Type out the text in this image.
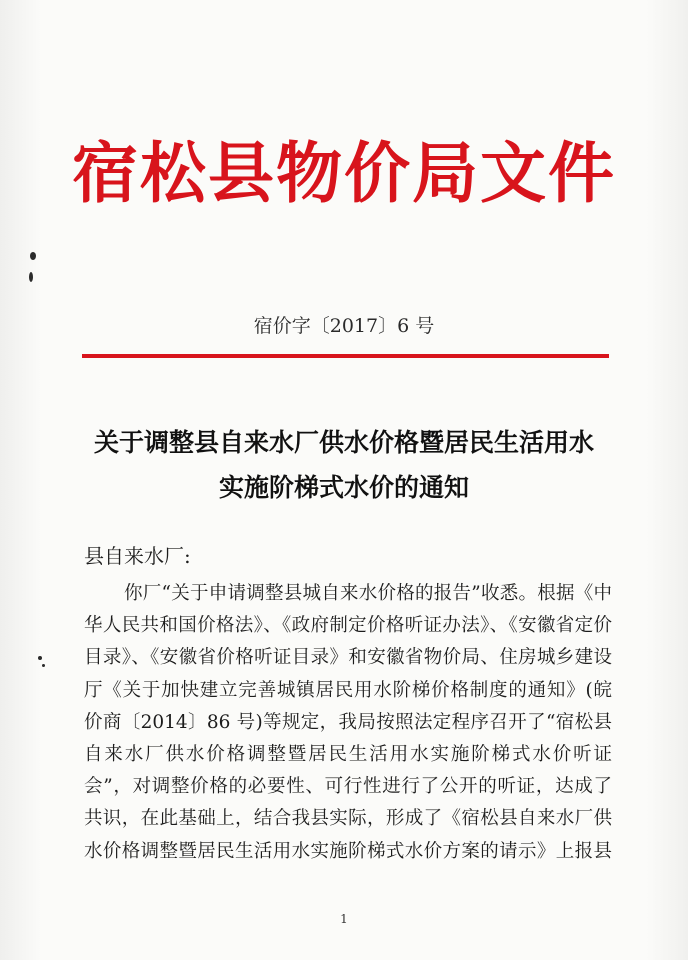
宿松县物价局文件
宿价字〔2017〕6 号
关于调整县自来水厂供水价格暨居民生活用水
实施阶梯式水价的通知
县自来水厂:
你厂“关于申请调整县城自来水价格的报告”收悉。根据《中
华人民共和国价格法》、《政府制定价格听证办法》、《安徽省定价
目录》、《安徽省价格听证目录》和安徽省物价局、住房城乡建设
厅《关于加快建立完善城镇居民用水阶梯价格制度的通知》(皖
价商〔2014〕86 号)等规定，我局按照法定程序召开了“宿松县
自来水厂供水价格调整暨居民生活用水实施阶梯式水价听证
会”，对调整价格的必要性、可行性进行了公开的听证，达成了
共识，在此基础上，结合我县实际，形成了《宿松县自来水厂供
水价格调整暨居民生活用水实施阶梯式水价方案的请示》上报县
1
